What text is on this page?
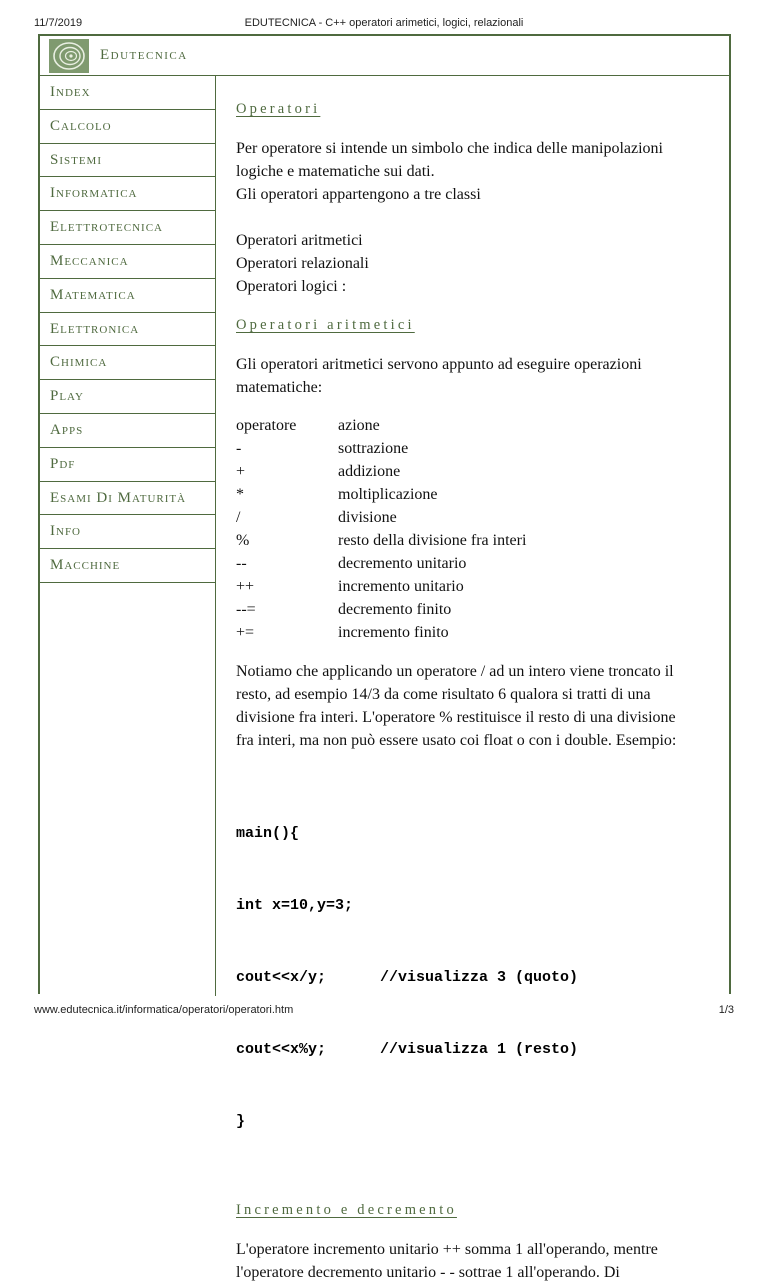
11/7/2019	EDUTECNICA - C++ operatori arimetici, logici, relazionali
Edutecnica
Index
Calcolo
Sistemi
Informatica
Elettrotecnica
Meccanica
Matematica
Elettronica
Chimica
Play
Apps
Pdf
Esami Di Maturità
Info
Macchine
Operatori
Per operatore si intende un simbolo che indica delle manipolazioni
logiche e matematiche sui dati.
Gli operatori appartengono a tre classi
Operatori aritmetici
Operatori relazionali
Operatori logici :
Operatori aritmetici
Gli operatori aritmetici servono appunto ad eseguire operazioni
matematiche:
operatore	azione
-	sottrazione
+	addizione
*	moltiplicazione
/	divisione
%	resto della divisione fra interi
--	decremento unitario
++	incremento unitario
--=	decremento finito
+=	incremento finito
Notiamo che applicando un operatore / ad un intero viene troncato il
resto, ad esempio 14/3 da come risultato 6 qualora si tratti di una
divisione fra interi. L'operatore % restituisce il resto di una divisione
fra interi, ma non può essere usato coi float o con i double. Esempio:

main(){

int x=10,y=3;

cout<<x/y;      //visualizza 3 (quoto)

cout<<x%y;      //visualizza 1 (resto)

}

Incremento e decremento
L'operatore incremento unitario ++ somma 1 all'operando, mentre
l'operatore decremento unitario - - sottrae 1 all'operando. Di
www.edutecnica.it/informatica/operatori/operatori.htm	1/3
